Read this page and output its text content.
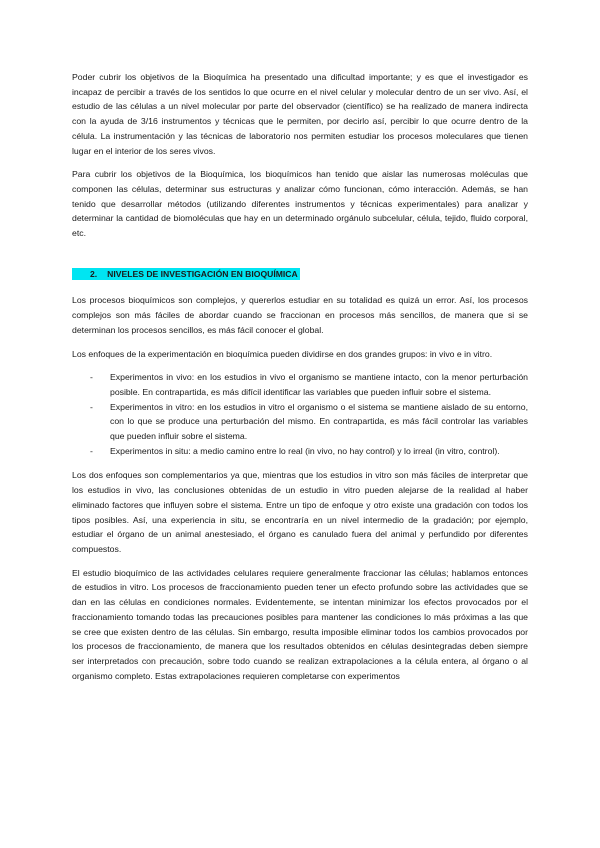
Poder cubrir los objetivos de la Bioquímica ha presentado una dificultad importante; y es que el investigador es incapaz de percibir a través de los sentidos lo que ocurre en el nivel celular y molecular dentro de un ser vivo. Así, el estudio de las células a un nivel molecular por parte del observador (científico) se ha realizado de manera indirecta con la ayuda de 3/16 instrumentos y técnicas que le permiten, por decirlo así, percibir lo que ocurre dentro de la célula. La instrumentación y las técnicas de laboratorio nos permiten estudiar los procesos moleculares que tienen lugar en el interior de los seres vivos.

Para cubrir los objetivos de la Bioquímica, los bioquímicos han tenido que aislar las numerosas moléculas que componen las células, determinar sus estructuras y analizar cómo funcionan, cómo interacción. Además, se han tenido que desarrollar métodos (utilizando diferentes instrumentos y técnicas experimentales) para analizar y determinar la cantidad de biomoléculas que hay en un determinado orgánulo subcelular, célula, tejido, fluido corporal, etc.

2. NIVELES DE INVESTIGACIÓN EN BIOQUÍMICA

Los procesos bioquímicos son complejos, y quererlos estudiar en su totalidad es quizá un error. Así, los procesos complejos son más fáciles de abordar cuando se fraccionan en procesos más sencillos, de manera que si se determinan los procesos sencillos, es más fácil conocer el global.

Los enfoques de la experimentación en bioquímica pueden dividirse en dos grandes grupos: in vivo e in vitro.

- Experimentos in vivo: en los estudios in vivo el organismo se mantiene intacto, con la menor perturbación posible. En contrapartida, es más difícil identificar las variables que pueden influir sobre el sistema.
- Experimentos in vitro: en los estudios in vitro el organismo o el sistema se mantiene aislado de su entorno, con lo que se produce una perturbación del mismo. En contrapartida, es más fácil controlar las variables que pueden influir sobre el sistema.
- Experimentos in situ: a medio camino entre lo real (in vivo, no hay control) y lo irreal (in vitro, control).

Los dos enfoques son complementarios ya que, mientras que los estudios in vitro son más fáciles de interpretar que los estudios in vivo, las conclusiones obtenidas de un estudio in vitro pueden alejarse de la realidad al haber eliminado factores que influyen sobre el sistema. Entre un tipo de enfoque y otro existe una gradación con todos los tipos posibles. Así, una experiencia in situ, se encontraría en un nivel intermedio de la gradación; por ejemplo, estudiar el órgano de un animal anestesiado, el órgano es canulado fuera del animal y perfundido por diferentes compuestos.

El estudio bioquímico de las actividades celulares requiere generalmente fraccionar las células; hablamos entonces de estudios in vitro. Los procesos de fraccionamiento pueden tener un efecto profundo sobre las actividades que se dan en las células en condiciones normales. Evidentemente, se intentan minimizar los efectos provocados por el fraccionamiento tomando todas las precauciones posibles para mantener las condiciones lo más próximas a las que se cree que existen dentro de las células. Sin embargo, resulta imposible eliminar todos los cambios provocados por los procesos de fraccionamiento, de manera que los resultados obtenidos en células desintegradas deben siempre ser interpretados con precaución, sobre todo cuando se realizan extrapolaciones a la célula entera, al órgano o al organismo completo. Estas extrapolaciones requieren completarse con experimentos
